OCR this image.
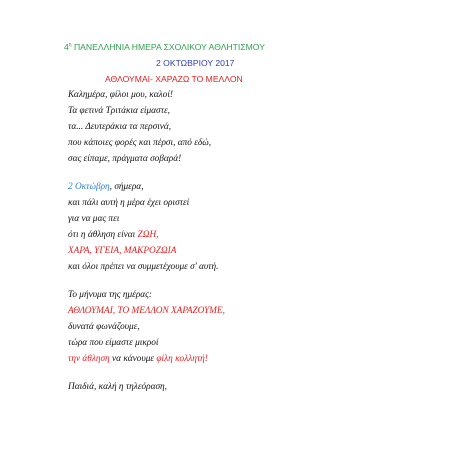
$4^\eta$ ΠΑΝΕΛΛΗΝΙΑ ΗΜΕΡΑ ΣΧΟΛΙΚΟΥ ΑΘΛΗΤΙΣΜΟΥ
2 ΟΚΤΩΒΡΙΟΥ 2017
ΑΘΛΟΥΜΑΙ- ΧΑΡΑΖΩ ΤΟ ΜΕΛΛΟΝ
Καλημέρα, φίλοι μου, καλοί!
Τα φετινά Τριτάκια είμαστε,
τα... Δευτεράκια τα περσινά,
που κάποιες φορές και πέρσι, από εδώ,
σας είπαμε, πράγματα σοβαρά!
2 Οκτώβρη, σήμερα,
και πάλι αυτή η μέρα έχει οριστεί
για να μας πει
ότι η άθληση είναι ΖΩΗ,
ΧΑΡΑ, ΥΓΕΙΑ, ΜΑΚΡΟΖΩΙΑ
και όλοι πρέπει να συμμετέχουμε σ' αυτή.
Το μήνυμα της ημέρας:
ΑΘΛΟΥΜΑΙ, ΤΟ ΜΕΛΛΟΝ ΧΑΡΑΖΟΥΜΕ,
δυνατά φωνάζουμε,
τώρα που είμαστε μικροί
την άθληση να κάνουμε φίλη κολλητή!
Παιδιά, καλή η τηλεόραση,
